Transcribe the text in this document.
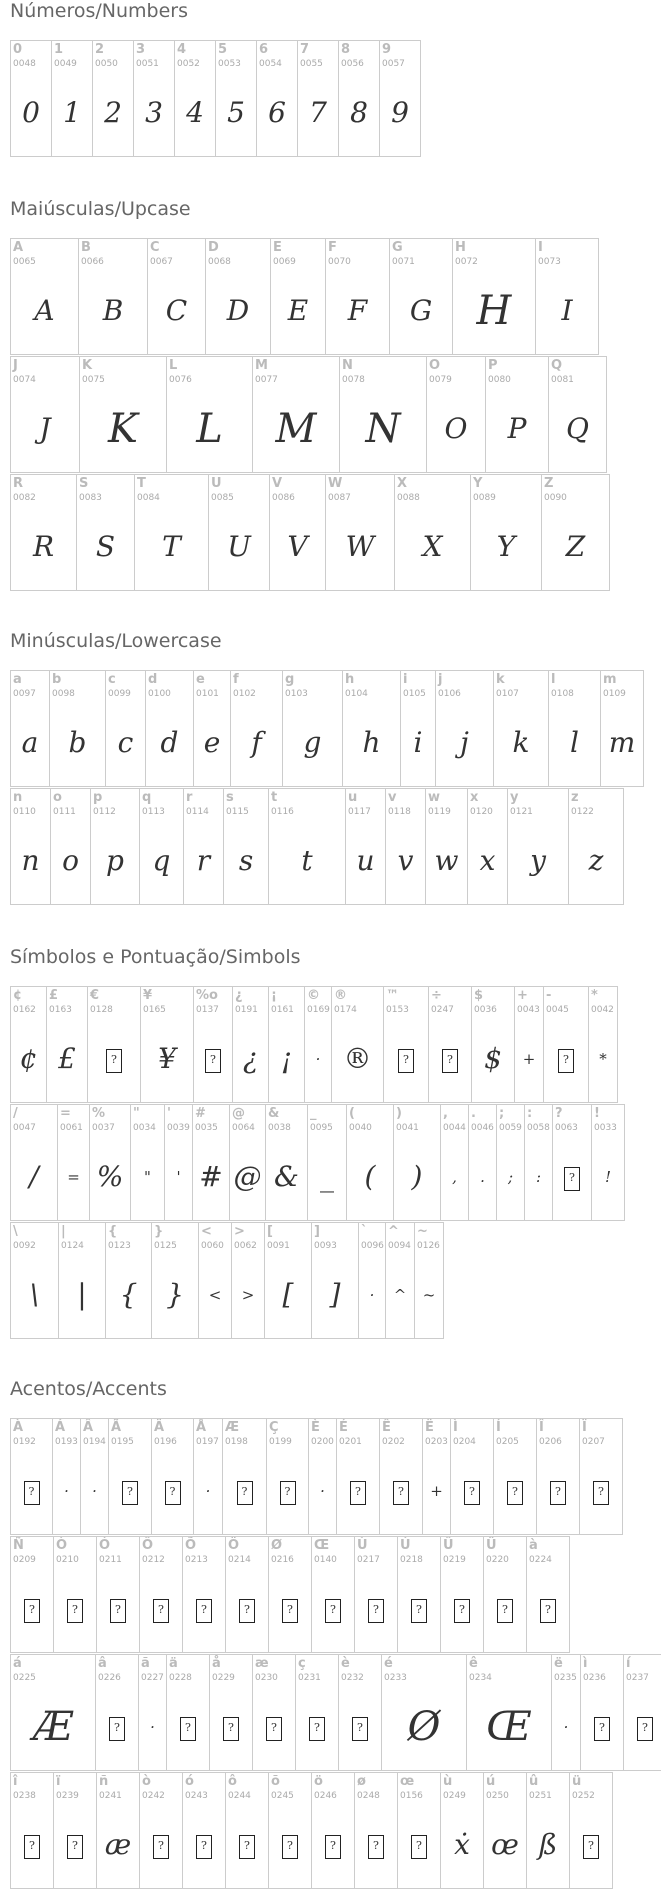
Números/Numbers
0
0048
0
1
0049
1
2
0050
2
3
0051
3
4
0052
4
5
0053
5
6
0054
6
7
0055
7
8
0056
8
9
0057
9
Maiúsculas/Upcase
A
0065
A
B
0066
B
C
0067
C
D
0068
D
E
0069
E
F
0070
F
G
0071
G
H
0072
H
I
0073
I
J
0074
J
K
0075
K
L
0076
L
M
0077
M
N
0078
N
O
0079
O
P
0080
P
Q
0081
Q
R
0082
R
S
0083
S
T
0084
T
U
0085
U
V
0086
V
W
0087
W
X
0088
X
Y
0089
Y
Z
0090
Z
Minúsculas/Lowercase
a
0097
a
b
0098
b
c
0099
c
d
0100
d
e
0101
e
f
0102
f
g
0103
g
h
0104
h
i
0105
i
j
0106
j
k
0107
k
l
0108
l
m
0109
m
n
0110
n
o
0111
o
p
0112
p
q
0113
q
r
0114
r
s
0115
s
t
0116
t
u
0117
u
v
0118
v
w
0119
w
x
0120
x
y
0121
y
z
0122
z
Símbolos e Pontuação/Simbols
¢
0162
¢
£
0163
£
€
0128
?
¥
0165
¥
%o
0137
?
¿
0191
¿
¡
0161
¡
©
0169
·
®
0174
®
™
0153
?
÷
0247
?
$
0036
$
+
0043
+
-
0045
?
*
0042
*
/
0047
/
=
0061
=
%
0037
%
"
0034
"
'
0039
'
#
0035
#
@
0064
@
&
0038
&
_
0095
_
(
0040
(
)
0041
)
,
0044
,
.
0046
.
;
0059
;
:
0058
:
?
0063
?
!
0033
!
\
0092
\
|
0124
|
{
0123
{
}
0125
}
<
0060
<
>
0062
>
[
0091
[
]
0093
]
`
0096
·
^
0094
^
~
0126
~
Acentos/Accents
À
0192
?
Á
0193
·
Â
0194
·
Ã
0195
?
Ä
0196
?
Å
0197
·
Æ
0198
?
Ç
0199
?
È
0200
·
É
0201
?
Ê
0202
?
Ë
0203
+
Ì
0204
?
Í
0205
?
Î
0206
?
Ï
0207
?
Ñ
0209
?
Ò
0210
?
Ó
0211
?
Ô
0212
?
Õ
0213
?
Ö
0214
?
Ø
0216
?
Œ
0140
?
Ù
0217
?
Ú
0218
?
Û
0219
?
Ü
0220
?
à
0224
?
á
0225
Æ
â
0226
?
ã
0227
·
ä
0228
?
å
0229
?
æ
0230
?
ç
0231
?
è
0232
?
é
0233
Ø
ê
0234
Œ
ë
0235
·
ì
0236
?
í
0237
?
î
0238
?
ï
0239
?
ñ
0241
æ
ò
0242
?
ó
0243
?
ô
0244
?
õ
0245
?
ö
0246
?
ø
0248
?
œ
0156
?
ù
0249
ẋ
ú
0250
œ
û
0251
ß
ü
0252
?
